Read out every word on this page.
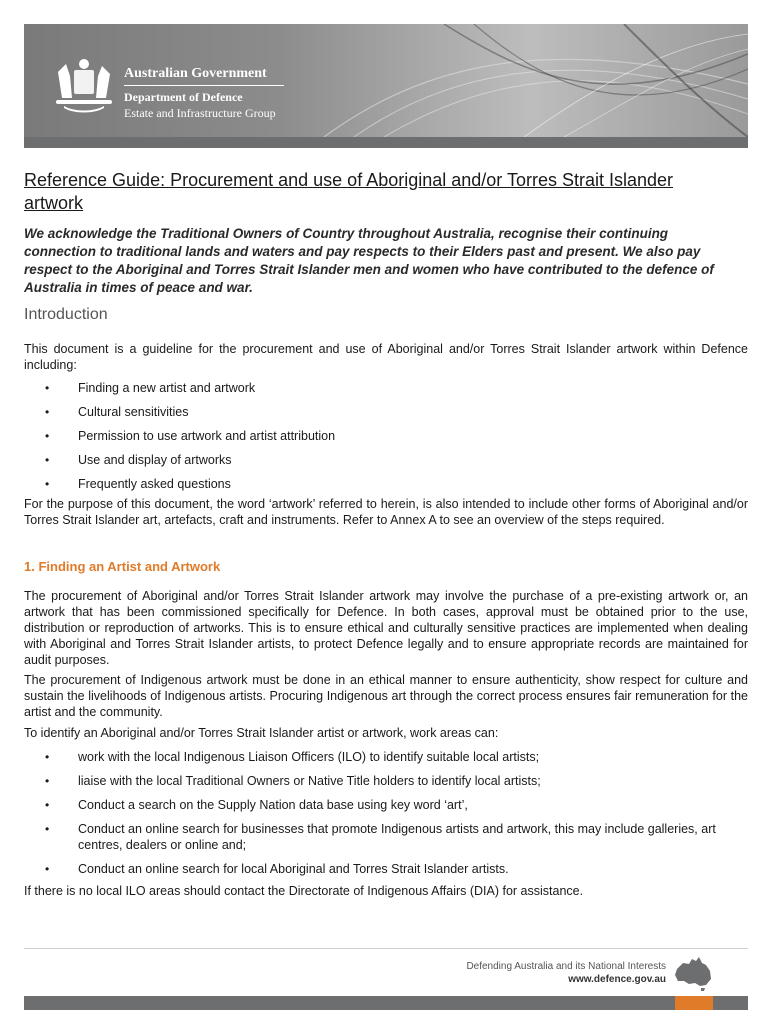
Australian Government
Department of Defence
Estate and Infrastructure Group
Reference Guide: Procurement and use of Aboriginal and/or Torres Strait Islander artwork

We acknowledge the Traditional Owners of Country throughout Australia, recognise their continuing connection to traditional lands and waters and pay respects to their Elders past and present. We also pay respect to the Aboriginal and Torres Strait Islander men and women who have contributed to the defence of Australia in times of peace and war.

Introduction

This document is a guideline for the procurement and use of Aboriginal and/or Torres Strait Islander artwork within Defence including:

• Finding a new artist and artwork
• Cultural sensitivities
• Permission to use artwork and artist attribution
• Use and display of artworks
• Frequently asked questions

For the purpose of this document, the word ‘artwork’ referred to herein, is also intended to include other forms of Aboriginal and/or Torres Strait Islander art, artefacts, craft and instruments. Refer to Annex A to see an overview of the steps required.

1. Finding an Artist and Artwork

The procurement of Aboriginal and/or Torres Strait Islander artwork may involve the purchase of a pre-existing artwork or, an artwork that has been commissioned specifically for Defence. In both cases, approval must be obtained prior to the use, distribution or reproduction of artworks. This is to ensure ethical and culturally sensitive practices are implemented when dealing with Aboriginal and Torres Strait Islander artists, to protect Defence legally and to ensure appropriate records are maintained for audit purposes.

The procurement of Indigenous artwork must be done in an ethical manner to ensure authenticity, show respect for culture and sustain the livelihoods of Indigenous artists. Procuring Indigenous art through the correct process ensures fair remuneration for the artist and the community.

To identify an Aboriginal and/or Torres Strait Islander artist or artwork, work areas can:

• work with the local Indigenous Liaison Officers (ILO) to identify suitable local artists;
• liaise with the local Traditional Owners or Native Title holders to identify local artists;
• Conduct a search on the Supply Nation data base using key word ‘art’,
• Conduct an online search for businesses that promote Indigenous artists and artwork, this may include galleries, art centres, dealers or online and;
• Conduct an online search for local Aboriginal and Torres Strait Islander artists.

If there is no local ILO areas should contact the Directorate of Indigenous Affairs (DIA) for assistance.

Defending Australia and its National Interests
www.defence.gov.au
